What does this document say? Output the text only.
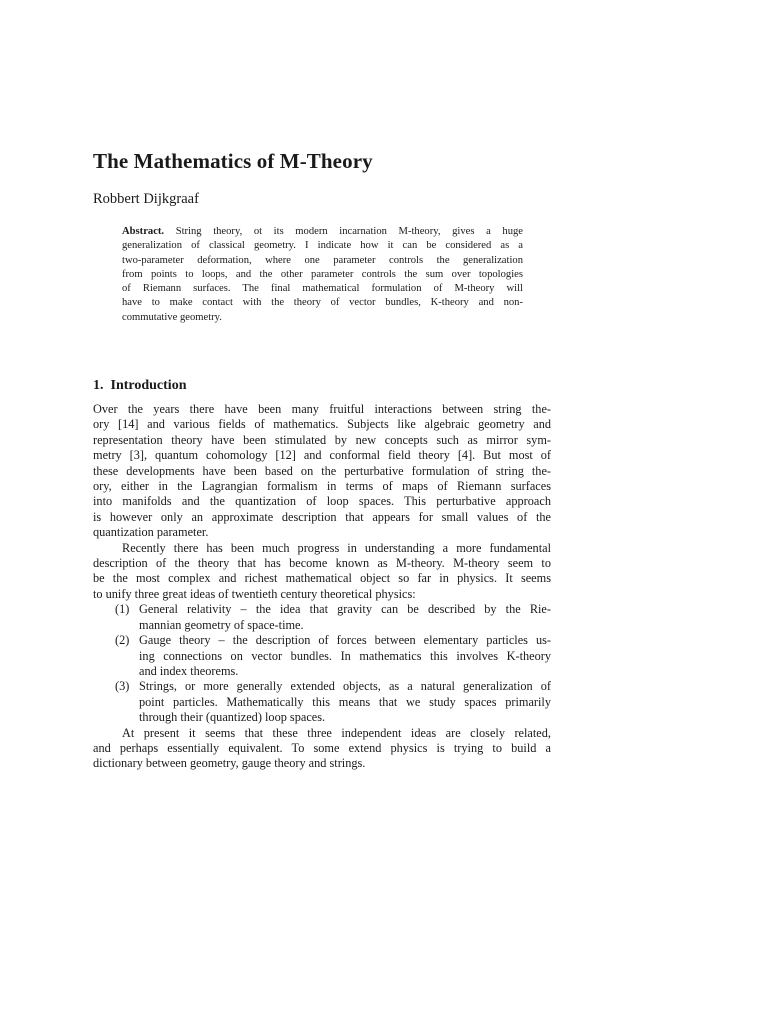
The Mathematics of M-Theory
Robbert Dijkgraaf
Abstract. String theory, ot its modern incarnation M-theory, gives a huge
generalization of classical geometry. I indicate how it can be considered as a
two-parameter deformation, where one parameter controls the generalization
from points to loops, and the other parameter controls the sum over topologies
of Riemann surfaces. The final mathematical formulation of M-theory will
have to make contact with the theory of vector bundles, K-theory and non-
commutative geometry.
1. Introduction
Over the years there have been many fruitful interactions between string the-
ory [14] and various fields of mathematics. Subjects like algebraic geometry and
representation theory have been stimulated by new concepts such as mirror sym-
metry [3], quantum cohomology [12] and conformal field theory [4]. But most of
these developments have been based on the perturbative formulation of string the-
ory, either in the Lagrangian formalism in terms of maps of Riemann surfaces
into manifolds and the quantization of loop spaces. This perturbative approach
is however only an approximate description that appears for small values of the
quantization parameter.
Recently there has been much progress in understanding a more fundamental
description of the theory that has become known as M-theory. M-theory seem to
be the most complex and richest mathematical object so far in physics. It seems
to unify three great ideas of twentieth century theoretical physics:
(1) General relativity – the idea that gravity can be described by the Rie-
mannian geometry of space-time.
(2) Gauge theory – the description of forces between elementary particles us-
ing connections on vector bundles. In mathematics this involves K-theory
and index theorems.
(3) Strings, or more generally extended objects, as a natural generalization of
point particles. Mathematically this means that we study spaces primarily
through their (quantized) loop spaces.
At present it seems that these three independent ideas are closely related,
and perhaps essentially equivalent. To some extend physics is trying to build a
dictionary between geometry, gauge theory and strings.
